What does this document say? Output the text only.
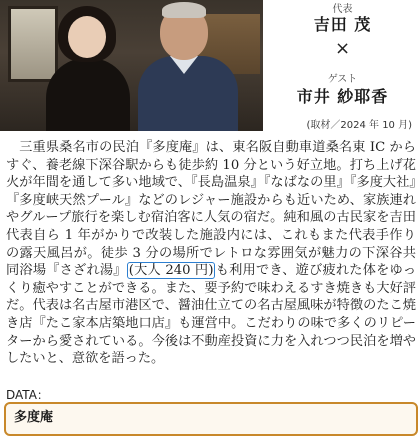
代表
吉田 茂
×
ゲスト
市井 紗耶香
(取材／2024 年 10 月)

三重県桑名市の民泊『多度庵』は、東名阪自動車道桑名東 IC からすぐ、養老線下深谷駅からも徒歩約 10 分という好立地。打ち上げ花火が年間を通して多い地域で、『長島温泉』『なばなの里』『多度大社』『多度峡天然プール』などのレジャー施設からも近いため、家族連れやグループ旅行を楽しむ宿泊客に人気の宿だ。純和風の古民家を吉田代表自ら 1 年がかりで改装した施設内には、これもまた代表手作りの露天風呂が。徒歩 3 分の場所でレトロな雰囲気が魅力の下深谷共同浴場『さざれ湯』 (大人 240 円) も利用でき、遊び疲れた体をゆっくり癒やすことができる。また、要予約で味わえるすき焼きも大好評だ。代表は名古屋市港区で、醤油仕立ての名古屋風味が特徴のたこ焼き店『たこ家本店築地口店』も運営中。こだわりの味で多くのリピーターから愛されている。今後は不動産投資に力を入れつつ民泊を増やしたいと、意欲を語った。

DATA：
多度庵
